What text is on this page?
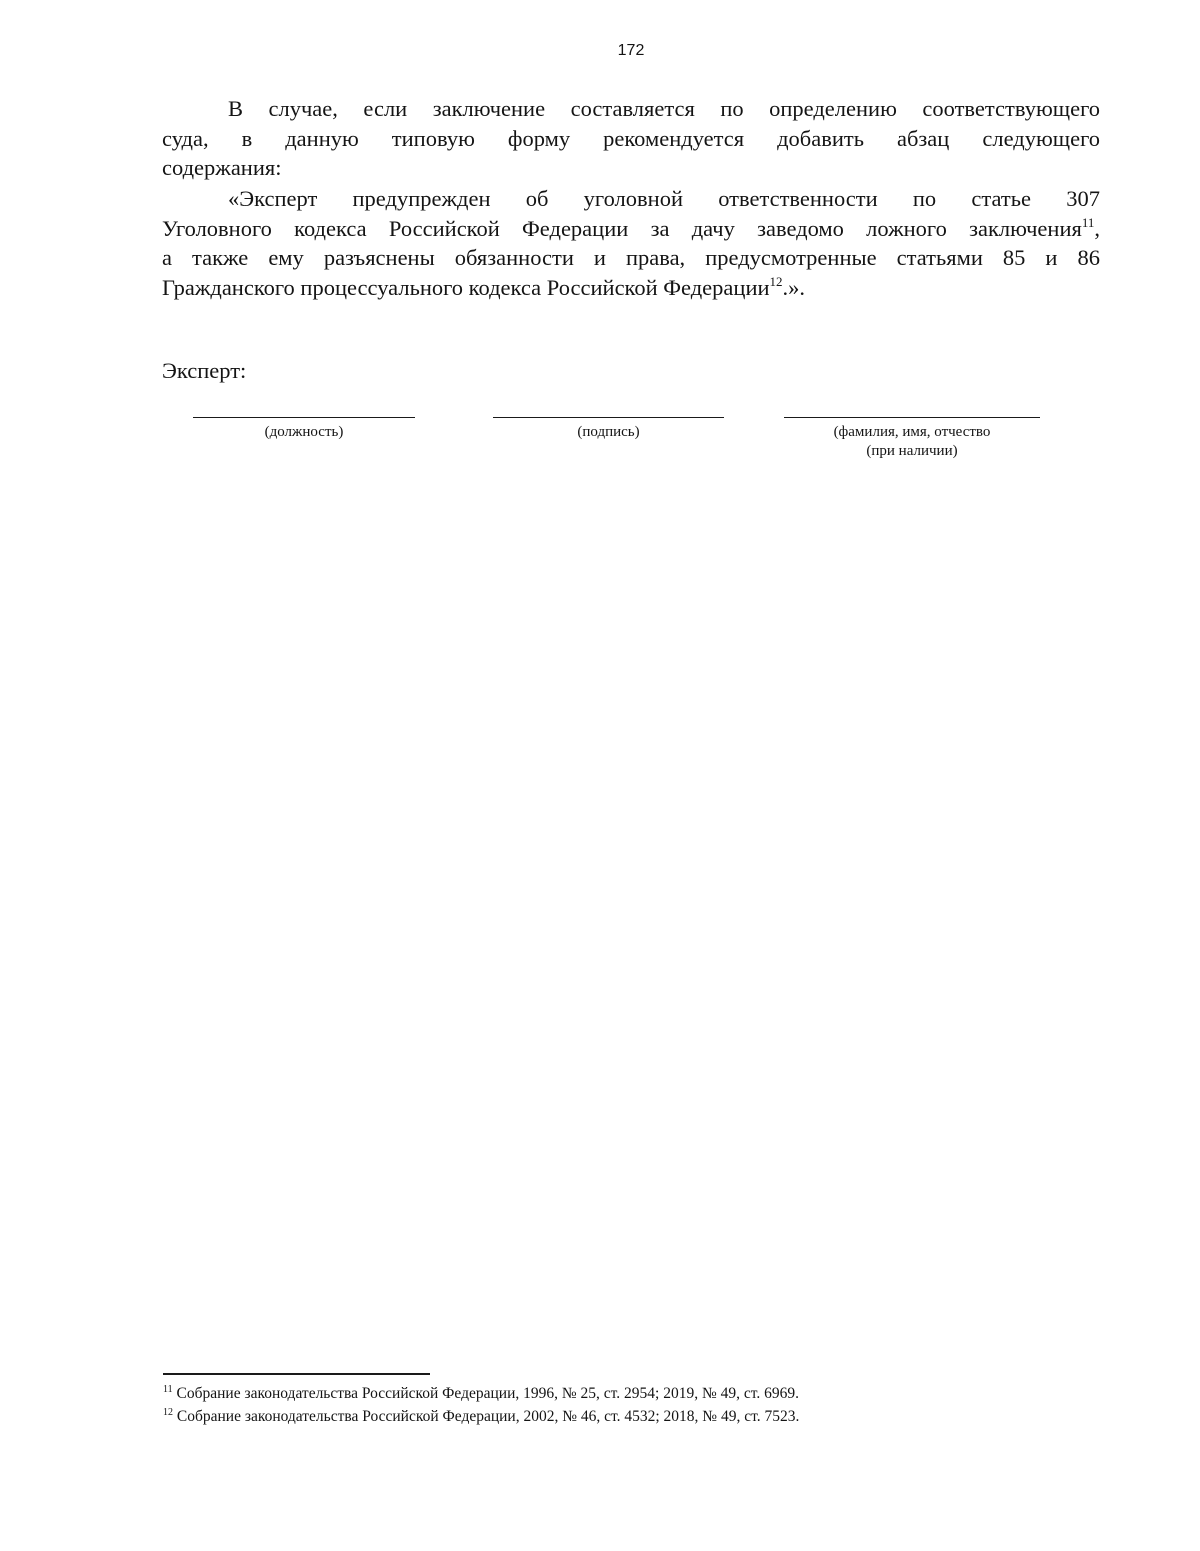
172
В случае, если заключение составляется по определению соответствующего
суда, в данную типовую форму рекомендуется добавить абзац следующего
содержания:
«Эксперт предупрежден об уголовной ответственности по статье 307
Уголовного кодекса Российской Федерации за дачу заведомо ложного заключения$^{11}$,
а также ему разъяснены обязанности и права, предусмотренные статьями 85 и 86
Гражданского процессуального кодекса Российской Федерации$^{12}$.».
Эксперт:
(должность)	(подпись)	(фамилия, имя, отчество
(при наличии)
$^{11}$ Собрание законодательства Российской Федерации, 1996, № 25, ст. 2954; 2019, № 49, ст. 6969.
$^{12}$ Собрание законодательства Российской Федерации, 2002, № 46, ст. 4532; 2018, № 49, ст. 7523.
